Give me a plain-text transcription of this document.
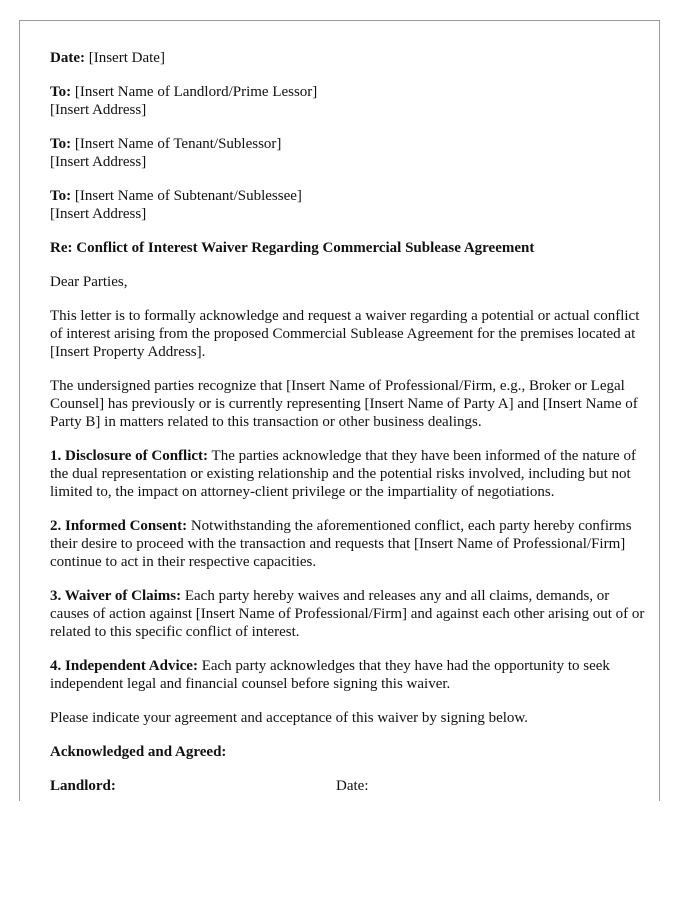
Date: [Insert Date]

To: [Insert Name of Landlord/Prime Lessor]
[Insert Address]

To: [Insert Name of Tenant/Sublessor]
[Insert Address]

To: [Insert Name of Subtenant/Sublessee]
[Insert Address]

Re: Conflict of Interest Waiver Regarding Commercial Sublease Agreement

Dear Parties,

This letter is to formally acknowledge and request a waiver regarding a potential or actual conflict of interest arising from the proposed Commercial Sublease Agreement for the premises located at [Insert Property Address].

The undersigned parties recognize that [Insert Name of Professional/Firm, e.g., Broker or Legal Counsel] has previously or is currently representing [Insert Name of Party A] and [Insert Name of Party B] in matters related to this transaction or other business dealings.

1. Disclosure of Conflict: The parties acknowledge that they have been informed of the nature of the dual representation or existing relationship and the potential risks involved, including but not limited to, the impact on attorney-client privilege or the impartiality of negotiations.

2. Informed Consent: Notwithstanding the aforementioned conflict, each party hereby confirms their desire to proceed with the transaction and requests that [Insert Name of Professional/Firm] continue to act in their respective capacities.

3. Waiver of Claims: Each party hereby waives and releases any and all claims, demands, or causes of action against [Insert Name of Professional/Firm] and against each other arising out of or related to this specific conflict of interest.

4. Independent Advice: Each party acknowledges that they have had the opportunity to seek independent legal and financial counsel before signing this waiver.

Please indicate your agreement and acceptance of this waiver by signing below.

Acknowledged and Agreed:

Landlord:	Date:
